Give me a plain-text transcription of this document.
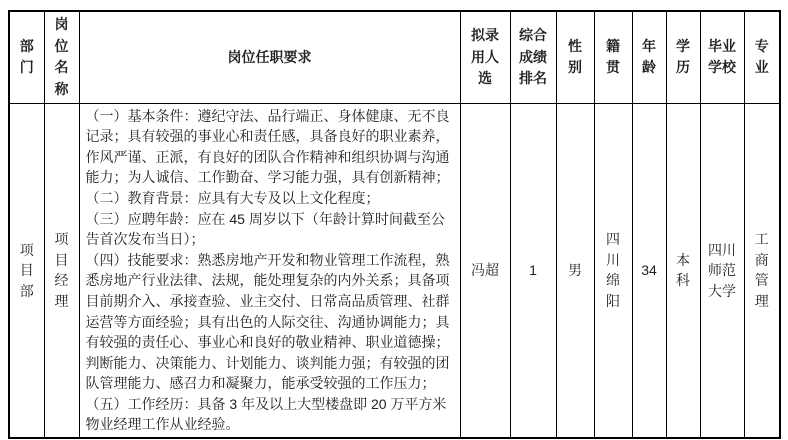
部门	岗位名称	岗位任职要求	拟录用人选	综合成绩排名	性别	籍贯	年龄	学历	毕业学校	专业
项目部	项目经理	（一）基本条件：遵纪守法、品行端正、身体健康、无不良记录；具有较强的事业心和责任感，具备良好的职业素养，作风严谨、正派，有良好的团队合作精神和组织协调与沟通能力；为人诚信、工作勤奋、学习能力强，具有创新精神；

（二）教育背景：应具有大专及以上文化程度；

（三）应聘年龄：应在 45 周岁以下（年龄计算时间截至公告首次发布当日）；

（四）技能要求：熟悉房地产开发和物业管理工作流程，熟悉房地产行业法律、法规，能处理复杂的内外关系；具备项目前期介入、承接查验、业主交付、日常高品质管理、社群运营等方面经验；具有出色的人际交往、沟通协调能力；具有较强的责任心、事业心和良好的敬业精神、职业道德操；判断能力、决策能力、计划能力、谈判能力强；有较强的团队管理能力、感召力和凝聚力，能承受较强的工作压力；

（五）工作经历：具备 3 年及以上大型楼盘即 20 万平方米物业经理工作从业经验。	冯超	1	男	四川绵阳	34	本科	四川师范大学	工商管理
